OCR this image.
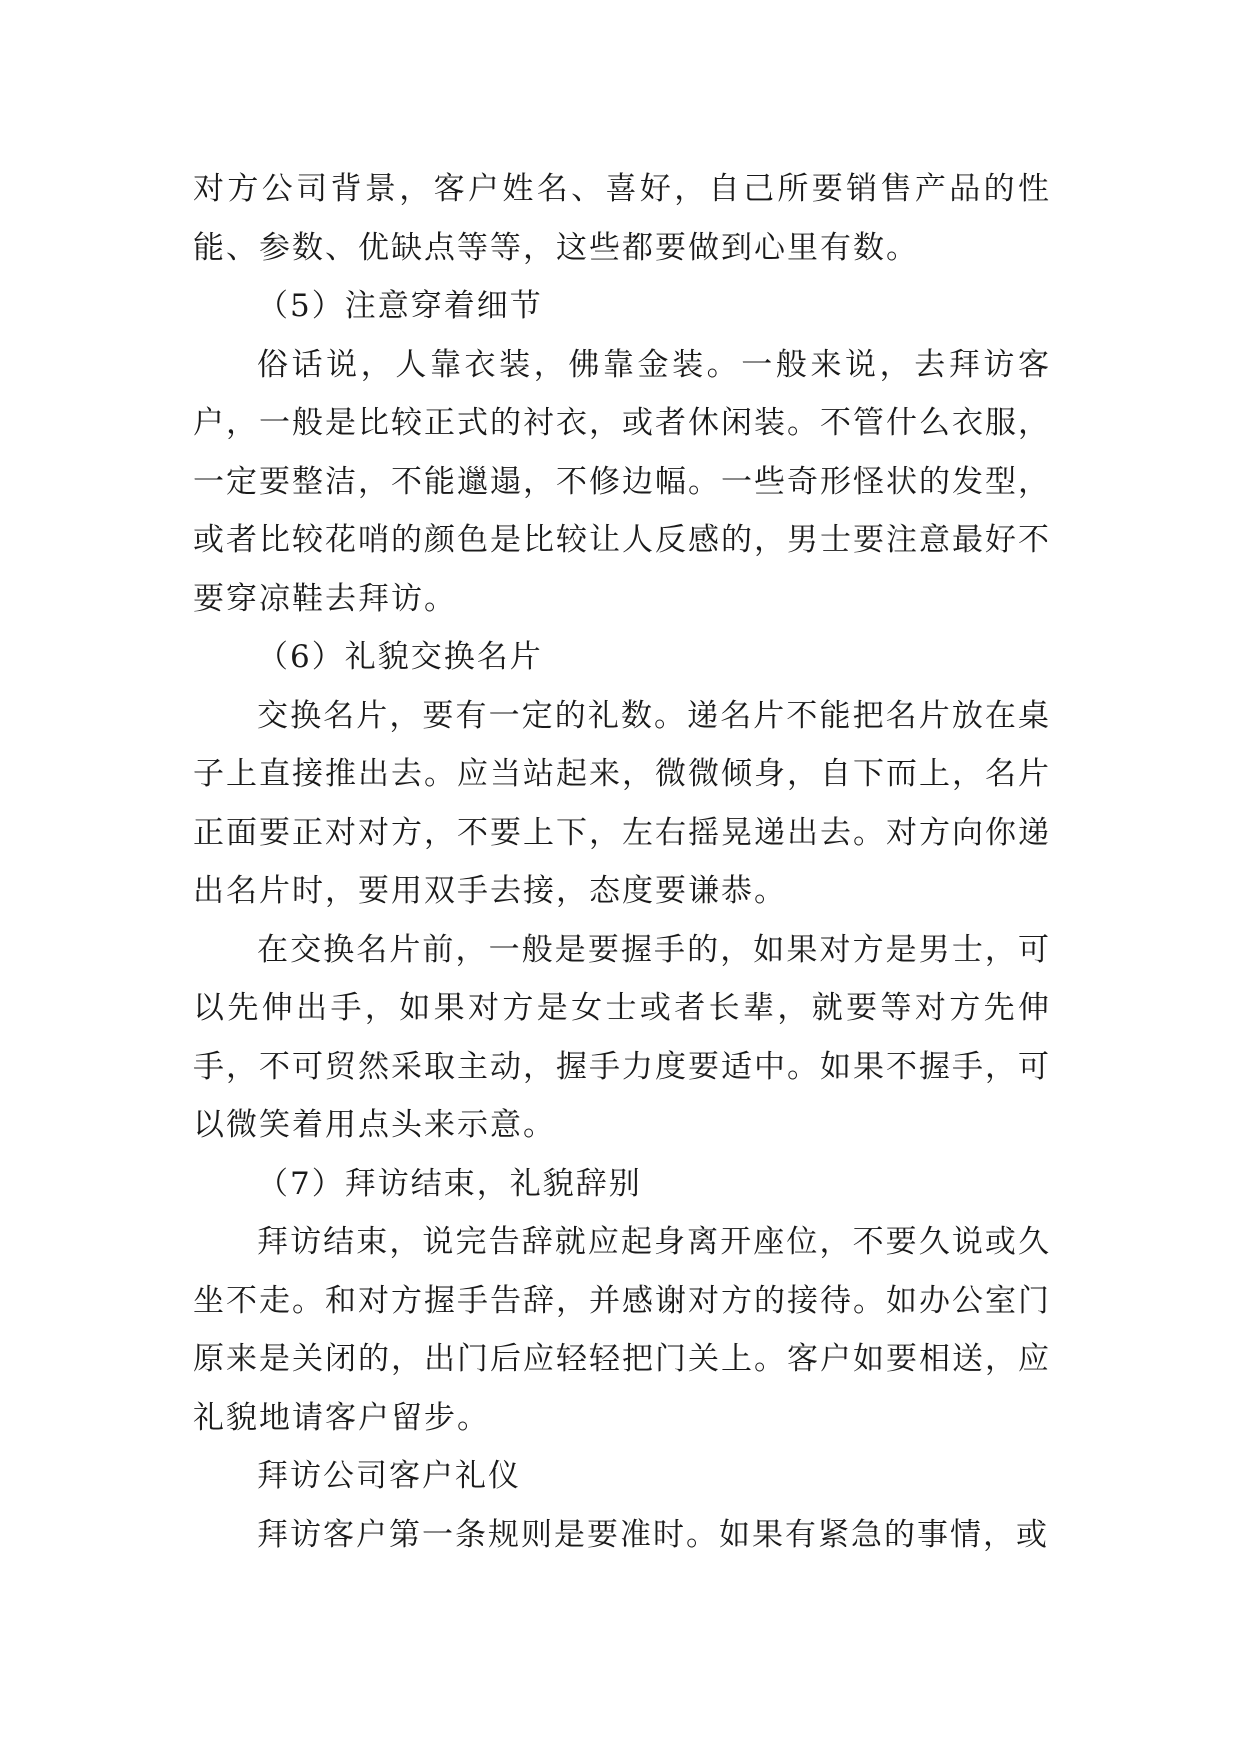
对方公司背景，客户姓名、喜好，自己所要销售产品的性能、参数、优缺点等等，这些都要做到心里有数。

（5）注意穿着细节

俗话说，人靠衣装，佛靠金装。一般来说，去拜访客户，一般是比较正式的衬衣，或者休闲装。不管什么衣服，一定要整洁，不能邋遢，不修边幅。一些奇形怪状的发型，或者比较花哨的颜色是比较让人反感的，男士要注意最好不要穿凉鞋去拜访。

（6）礼貌交换名片

交换名片，要有一定的礼数。递名片不能把名片放在桌子上直接推出去。应当站起来，微微倾身，自下而上，名片正面要正对对方，不要上下，左右摇晃递出去。对方向你递出名片时，要用双手去接，态度要谦恭。

在交换名片前，一般是要握手的，如果对方是男士，可以先伸出手，如果对方是女士或者长辈，就要等对方先伸手，不可贸然采取主动，握手力度要适中。如果不握手，可以微笑着用点头来示意。

（7）拜访结束，礼貌辞别

拜访结束，说完告辞就应起身离开座位，不要久说或久坐不走。和对方握手告辞，并感谢对方的接待。如办公室门原来是关闭的，出门后应轻轻把门关上。客户如要相送，应礼貌地请客户留步。

拜访公司客户礼仪

拜访客户第一条规则是要准时。如果有紧急的事情，或
